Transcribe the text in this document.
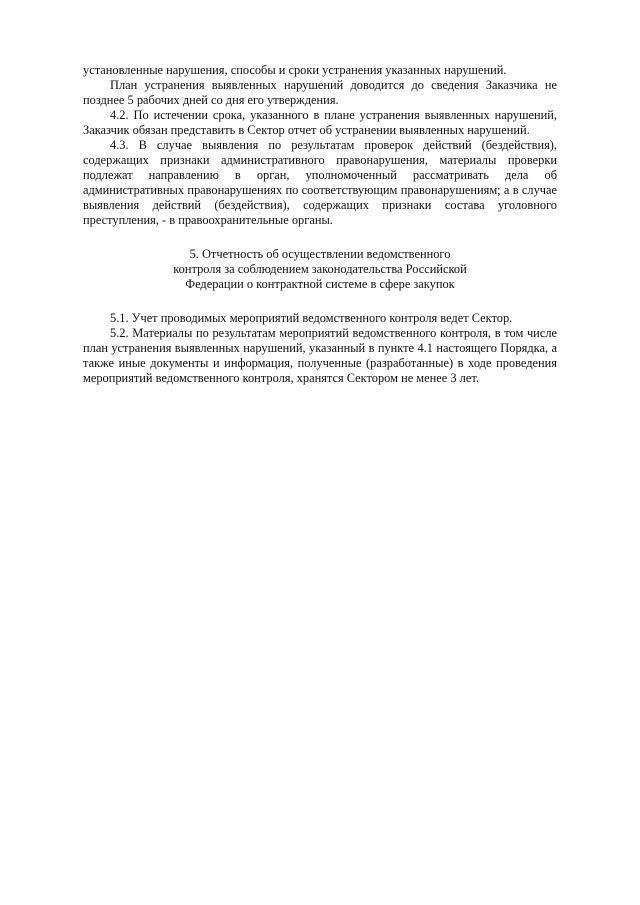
установленные нарушения, способы и сроки устранения указанных нарушений.

План устранения выявленных нарушений доводится до сведения Заказчика не позднее 5 рабочих дней со дня его утверждения.

4.2. По истечении срока, указанного в плане устранения выявленных нарушений, Заказчик обязан представить в Сектор отчет об устранении выявленных нарушений.

4.3. В случае выявления по результатам проверок действий (бездействия), содержащих признаки административного правонарушения, материалы проверки подлежат направлению в орган, уполномоченный рассматривать дела об административных правонарушениях по соответствующим правонарушениям; а в случае выявления действий (бездействия), содержащих признаки состава уголовного преступления, - в правоохранительные органы.

5. Отчетность об осуществлении ведомственного

контроля за соблюдением законодательства Российской

Федерации о контрактной системе в сфере закупок

5.1. Учет проводимых мероприятий ведомственного контроля ведет Сектор.

5.2. Материалы по результатам мероприятий ведомственного контроля, в том числе план устранения выявленных нарушений, указанный в пункте 4.1 настоящего Порядка, а также иные документы и информация, полученные (разработанные) в ходе проведения мероприятий ведомственного контроля, хранятся Сектором не менее 3 лет.
